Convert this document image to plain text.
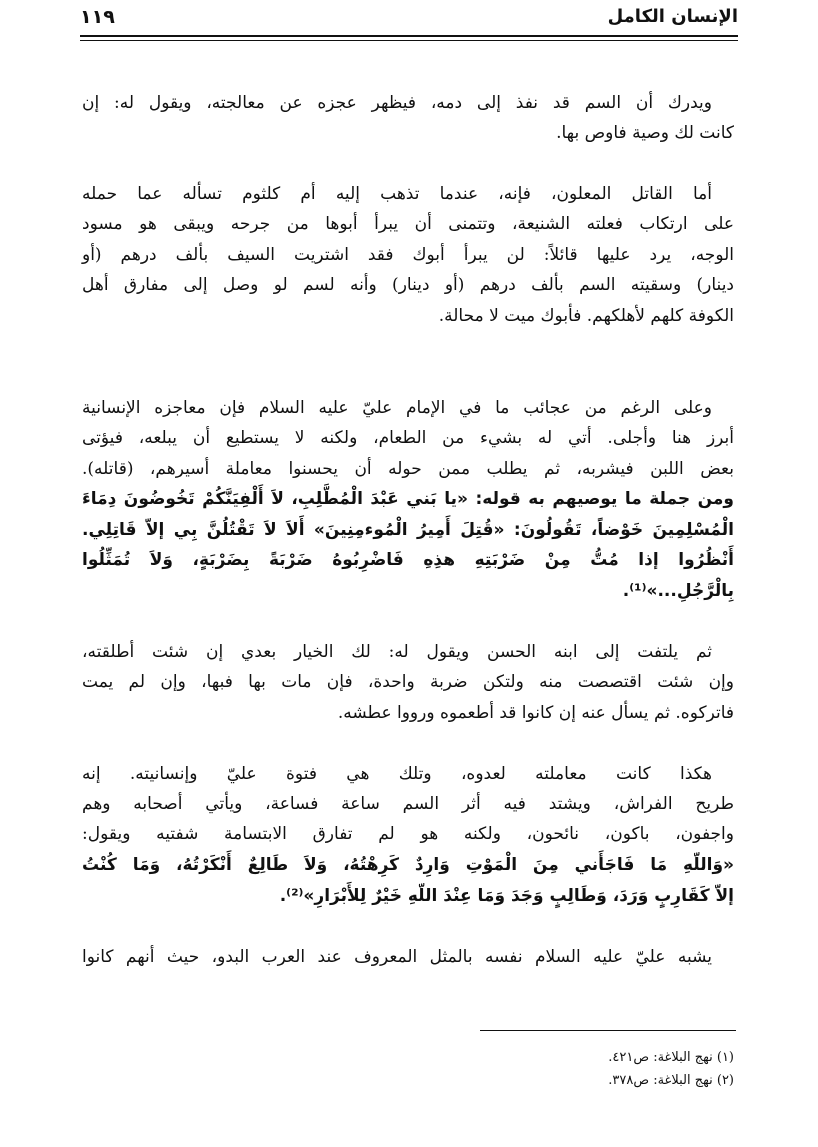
الإنسان الكامل
١١٩
ويدرك أن السم قد نفذ إلى دمه، فيظهر عجزه عن معالجته، ويقول له: إن
كانت لك وصية فاوص بها.
أما القاتل المعلون، فإنه، عندما تذهب إليه أم كلثوم تسأله عما حمله
على ارتكاب فعلته الشنيعة، وتتمنى أن يبرأ أبوها من جرحه ويبقى هو مسود
الوجه، يرد عليها قائلاً: لن يبرأ أبوك فقد اشتريت السيف بألف درهم (أو
دينار) وسقيته السم بألف درهم (أو دينار) وأنه لسم لو وصل إلى مفارق أهل
الكوفة كلهم لأهلكهم. فأبوك ميت لا محالة.
وعلى الرغم من عجائب ما في الإمام عليّ عليه السلام فإن معاجزه الإنسانية
أبرز هنا وأجلى. أتي له بشيء من الطعام، ولكنه لا يستطيع أن يبلعه، فيؤتى
بعض اللبن فيشربه، ثم يطلب ممن حوله أن يحسنوا معاملة أسيرهم، (قاتله).
ومن جملة ما يوصيهم به قوله: «يا بَني عَبْدَ الْمُطَّلِبِ، لاَ أَلْفِيَنَّكُمْ تَخُوضُونَ دِمَاءَ
الْمُسْلِمِينَ خَوْضاً، تَقُولُونَ: «قُتِلَ أَمِيرُ الْمُوءمِنِينَ» أَلاَ لاَ تَقْتُلُنَّ بِي إلاّ قَاتِلِي.
أَنْظُرُوا إذا مُتُّ مِنْ ضَرْبَتِهِ هذِهِ فَاضْرِبُوهُ ضَرْبَةً بِضَرْبَةٍ، وَلاَ تُمَثِّلُوا
بِالْرَّجُلِ...»⁽¹⁾.
ثم يلتفت إلى ابنه الحسن ويقول له: لك الخيار بعدي إن شئت أطلقته،
وإن شئت اقتصصت منه ولتكن ضربة واحدة، فإن مات بها فبها، وإن لم يمت
فاتركوه. ثم يسأل عنه إن كانوا قد أطعموه ورووا عطشه.
هكذا كانت معاملته لعدوه، وتلك هي فتوة عليّ وإنسانيته. إنه
طريح الفراش، ويشتد فيه أثر السم ساعة فساعة، ويأتي أصحابه وهم
واجفون، باكون، نائحون، ولكنه هو لم تفارق الابتسامة شفتيه ويقول:
«وَاللّهِ مَا فَاجَأَني مِنَ الْمَوْتِ وَارِدٌ كَرِهْتُهُ، وَلاَ طَالِعٌ أَنْكَرْتُهُ، وَمَا كُنْتُ
إلاّ كَقَارِبٍ وَرَدَ، وَطَالِبٍ وَجَدَ وَمَا عِنْدَ اللّهِ خَيْرٌ لِلأَبْرَارِ»⁽²⁾.
يشبه عليّ عليه السلام نفسه بالمثل المعروف عند العرب البدو، حيث أنهم كانوا
(١) نهج البلاغة: ص٤٢١.
(٢) نهج البلاغة: ص٣٧٨.
